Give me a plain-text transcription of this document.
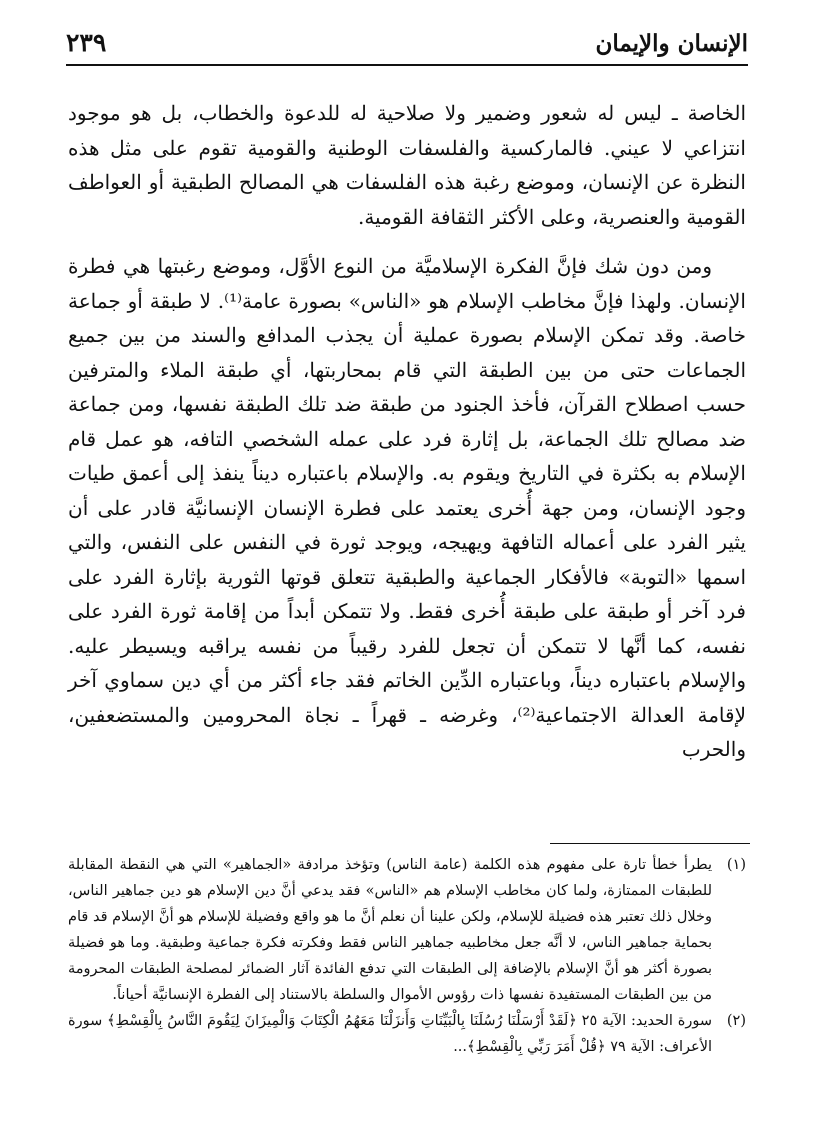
الإنسان والإيمان
٢٣٩

الخاصة ـ ليس له شعور وضمير ولا صلاحية له للدعوة والخطاب، بل هو موجود انتزاعي لا عيني. فالماركسية والفلسفات الوطنية والقومية تقوم على مثل هذه النظرة عن الإنسان، وموضع رغبة هذه الفلسفات هي المصالح الطبقية أو العواطف القومية والعنصرية، وعلى الأكثر الثقافة القومية.

ومن دون شك فإنَّ الفكرة الإسلاميَّة من النوع الأوَّل، وموضع رغبتها هي فطرة الإنسان. ولهذا فإنَّ مخاطب الإسلام هو «الناس» بصورة عامة⁽¹⁾. لا طبقة أو جماعة خاصة. وقد تمكن الإسلام بصورة عملية أن يجذب المدافع والسند من بين جميع الجماعات حتى من بين الطبقة التي قام بمحاربتها، أي طبقة الملاء والمترفين حسب اصطلاح القرآن، فأخذ الجنود من طبقة ضد تلك الطبقة نفسها، ومن جماعة ضد مصالح تلك الجماعة، بل إثارة فرد على عمله الشخصي التافه، هو عمل قام الإسلام به بكثرة في التاريخ ويقوم به. والإسلام باعتباره ديناً ينفذ إلى أعمق طيات وجود الإنسان، ومن جهة أُخرى يعتمد على فطرة الإنسان الإنسانيَّة قادر على أن يثير الفرد على أعماله التافهة ويهيجه، ويوجد ثورة في النفس على النفس، والتي اسمها «التوبة» فالأفكار الجماعية والطبقية تتعلق قوتها الثورية بإثارة الفرد على فرد آخر أو طبقة على طبقة أُخرى فقط. ولا تتمكن أبداً من إقامة ثورة الفرد على نفسه، كما أنَّها لا تتمكن أن تجعل للفرد رقيباً من نفسه يراقبه ويسيطر عليه. والإسلام باعتباره ديناً، وباعتباره الدِّين الخاتم فقد جاء أكثر من أي دين سماوي آخر لإقامة العدالة الاجتماعية⁽²⁾، وغرضه ـ قهراً ـ نجاة المحرومين والمستضعفين، والحرب

(١)
يطرأ خطأ تارة على مفهوم هذه الكلمة (عامة الناس) وتؤخذ مرادفة «الجماهير» التي هي النقطة المقابلة للطبقات الممتازة، ولما كان مخاطب الإسلام هم «الناس» فقد يدعي أنَّ دين الإسلام هو دين جماهير الناس، وخلال ذلك تعتبر هذه فضيلة للإسلام، ولكن علينا أن نعلم أنَّ ما هو واقع وفضيلة للإسلام هو أنَّ الإسلام قد قام بحماية جماهير الناس، لا أنَّه جعل مخاطبيه جماهير الناس فقط وفكرته فكرة جماعية وطبقية. وما هو فضيلة بصورة أكثر هو أنَّ الإسلام بالإضافة إلى الطبقات التي تدفع الفائدة آثار الضمائر لمصلحة الطبقات المحرومة من بين الطبقات المستفيدة نفسها ذات رؤوس الأموال والسلطة بالاستناد إلى الفطرة الإنسانيَّة أحياناً.
(٢)
سورة الحديد: الآية ٢٥ ﴿لَقَدْ أَرْسَلْنَا رُسُلَنَا بِالْبَيِّنَاتِ وَأَنزَلْنَا مَعَهُمُ الْكِتَابَ وَالْمِيزَانَ لِيَقُومَ النَّاسُ بِالْقِسْطِ﴾ سورة الأعراف: الآية ٧٩ ﴿قُلْ أَمَرَ رَبِّي بِالْقِسْطِ﴾...
